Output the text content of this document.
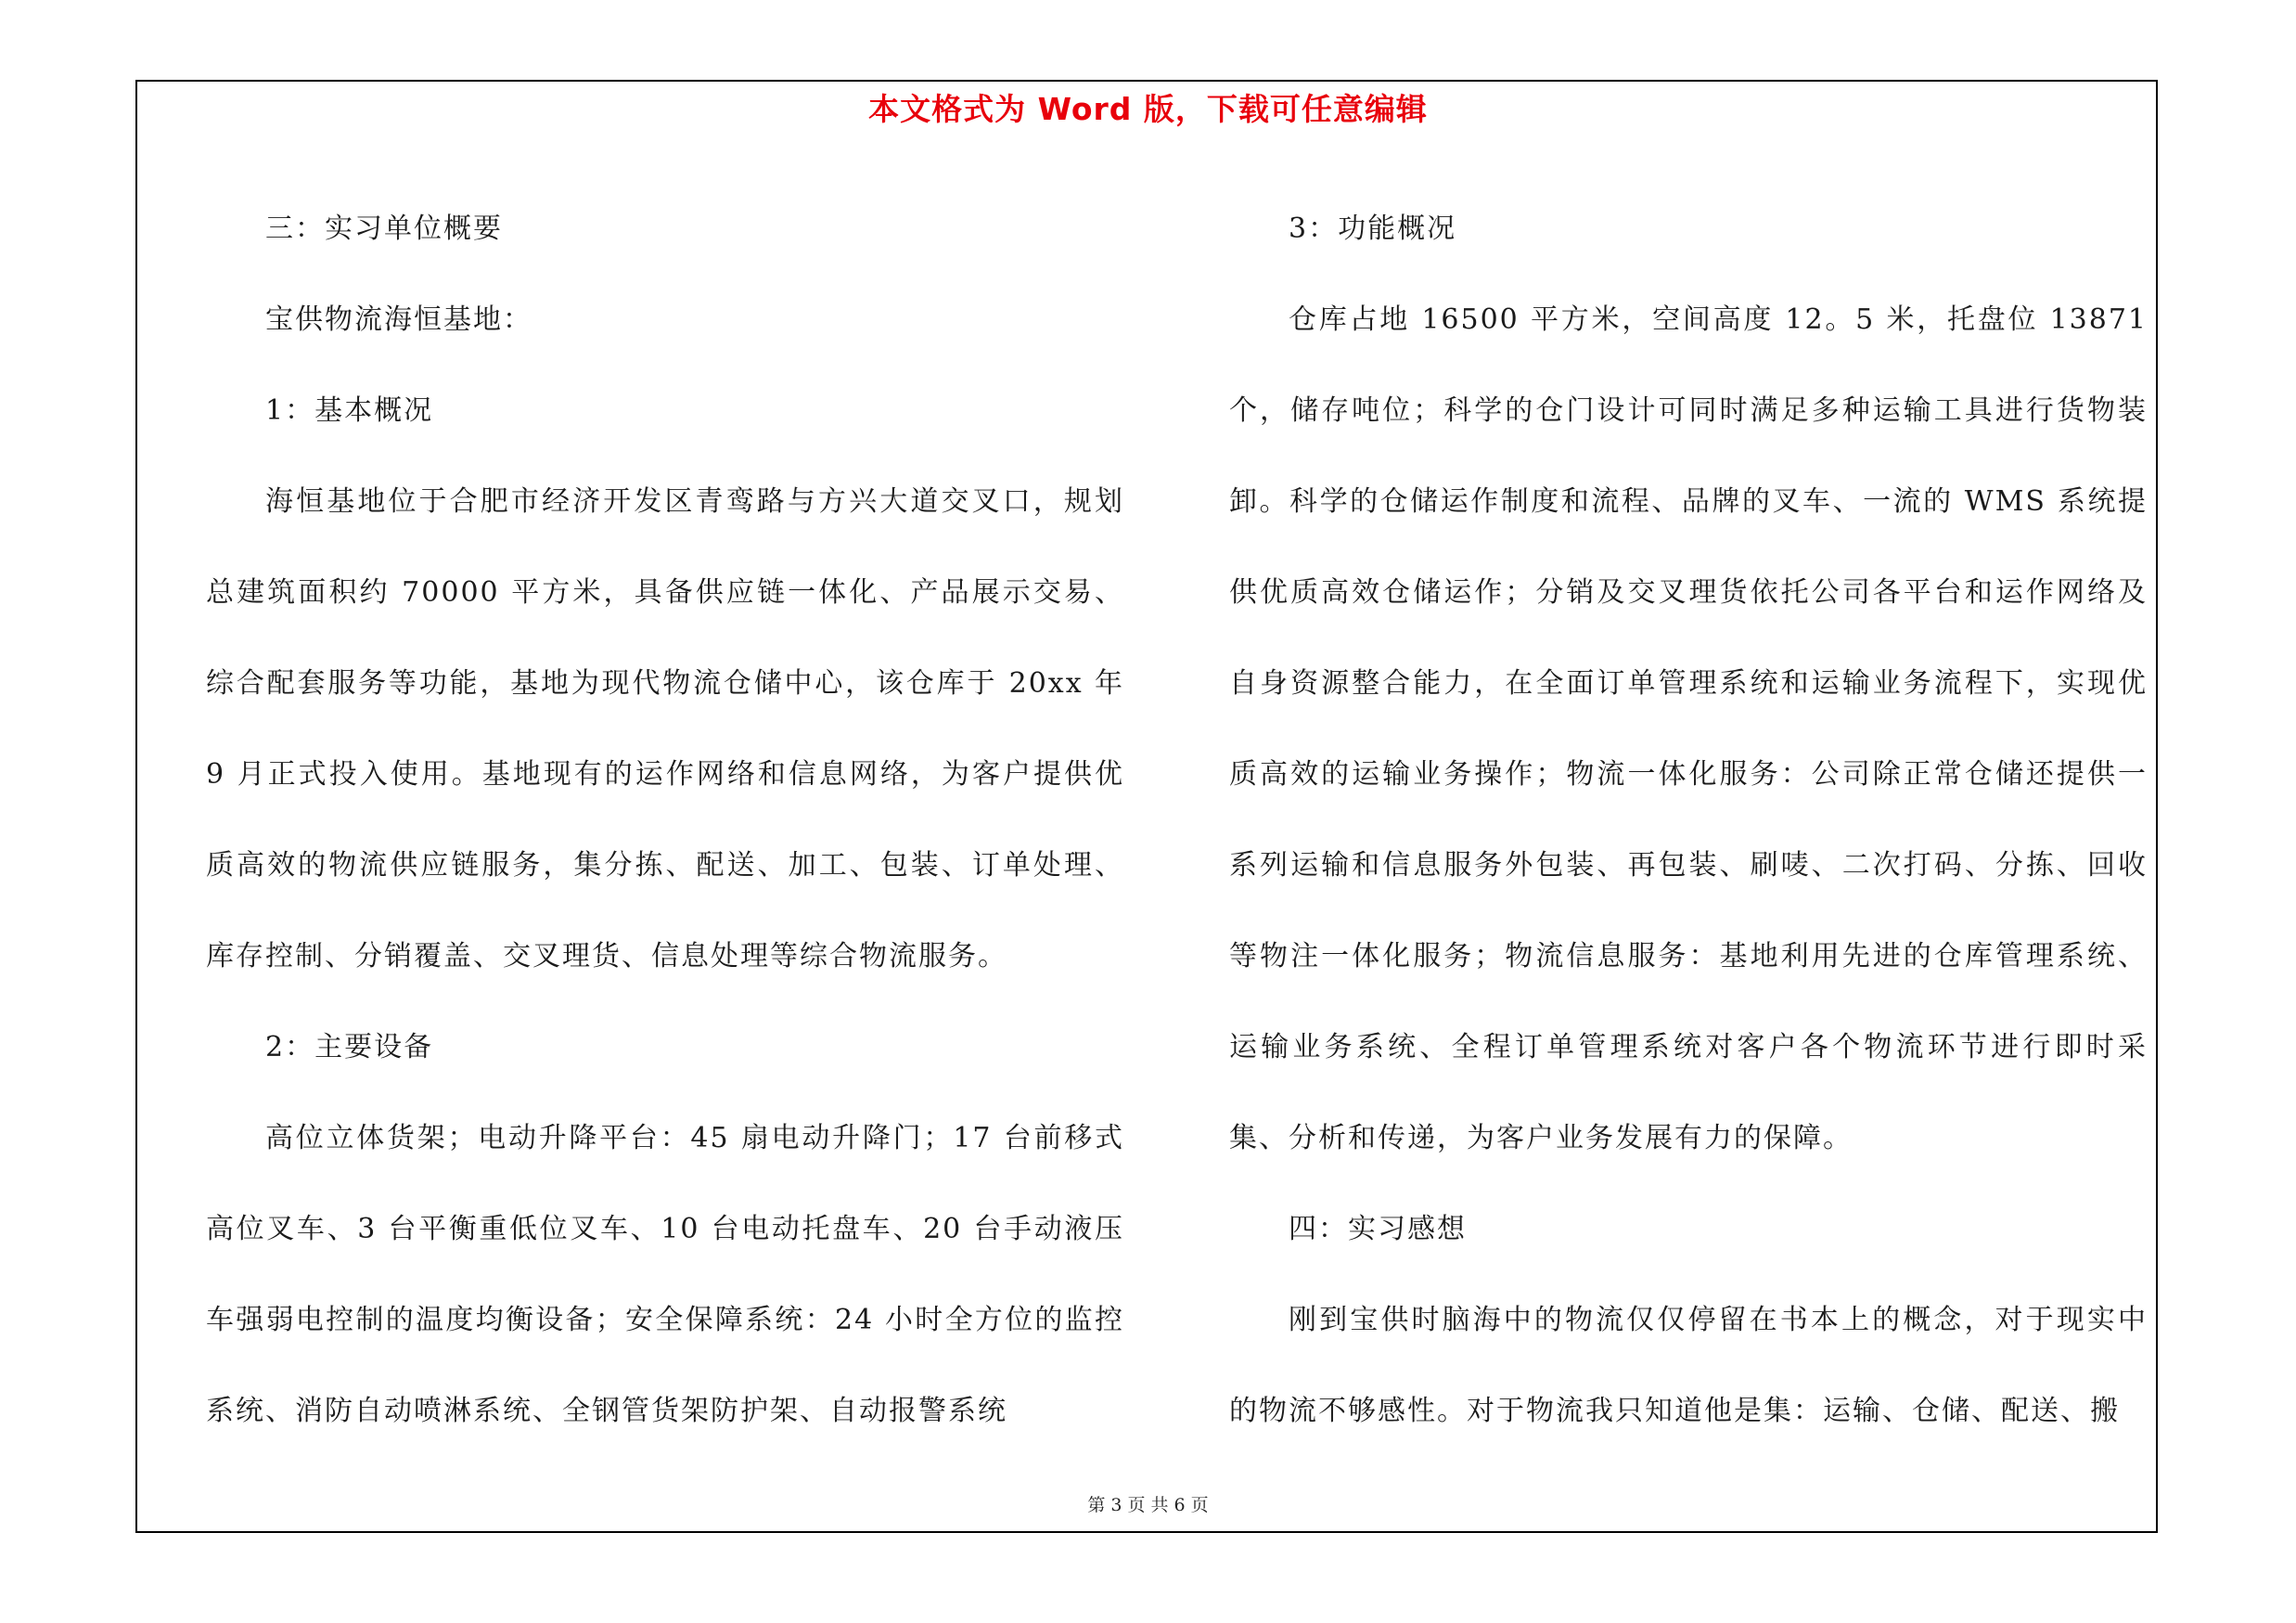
本文格式为 Word 版，下载可任意编辑

三：实习单位概要

宝供物流海恒基地：

1：基本概况

海恒基地位于合肥市经济开发区青鸾路与方兴大道交叉口，规划总建筑面积约 70000 平方米，具备供应链一体化、产品展示交易、综合配套服务等功能，基地为现代物流仓储中心，该仓库于 20xx 年 9 月正式投入使用。基地现有的运作网络和信息网络，为客户提供优质高效的物流供应链服务，集分拣、配送、加工、包装、订单处理、库存控制、分销覆盖、交叉理货、信息处理等综合物流服务。

2：主要设备

高位立体货架；电动升降平台：45 扇电动升降门；17 台前移式高位叉车、3 台平衡重低位叉车、10 台电动托盘车、20 台手动液压车强弱电控制的温度均衡设备；安全保障系统：24 小时全方位的监控系统、消防自动喷淋系统、全钢管货架防护架、自动报警系统

3：功能概况

仓库占地 16500 平方米，空间高度 12。5 米，托盘位 13871 个，储存吨位；科学的仓门设计可同时满足多种运输工具进行货物装卸。科学的仓储运作制度和流程、品牌的叉车、一流的 WMS 系统提供优质高效仓储运作；分销及交叉理货依托公司各平台和运作网络及自身资源整合能力，在全面订单管理系统和运输业务流程下，实现优质高效的运输业务操作；物流一体化服务：公司除正常仓储还提供一系列运输和信息服务外包装、再包装、刷唛、二次打码、分拣、回收等物注一体化服务；物流信息服务：基地利用先进的仓库管理系统、运输业务系统、全程订单管理系统对客户各个物流环节进行即时采集、分析和传递，为客户业务发展有力的保障。

四：实习感想

刚到宝供时脑海中的物流仅仅停留在书本上的概念，对于现实中的物流不够感性。对于物流我只知道他是集：运输、仓储、配送、搬

第 3 页 共 6 页
